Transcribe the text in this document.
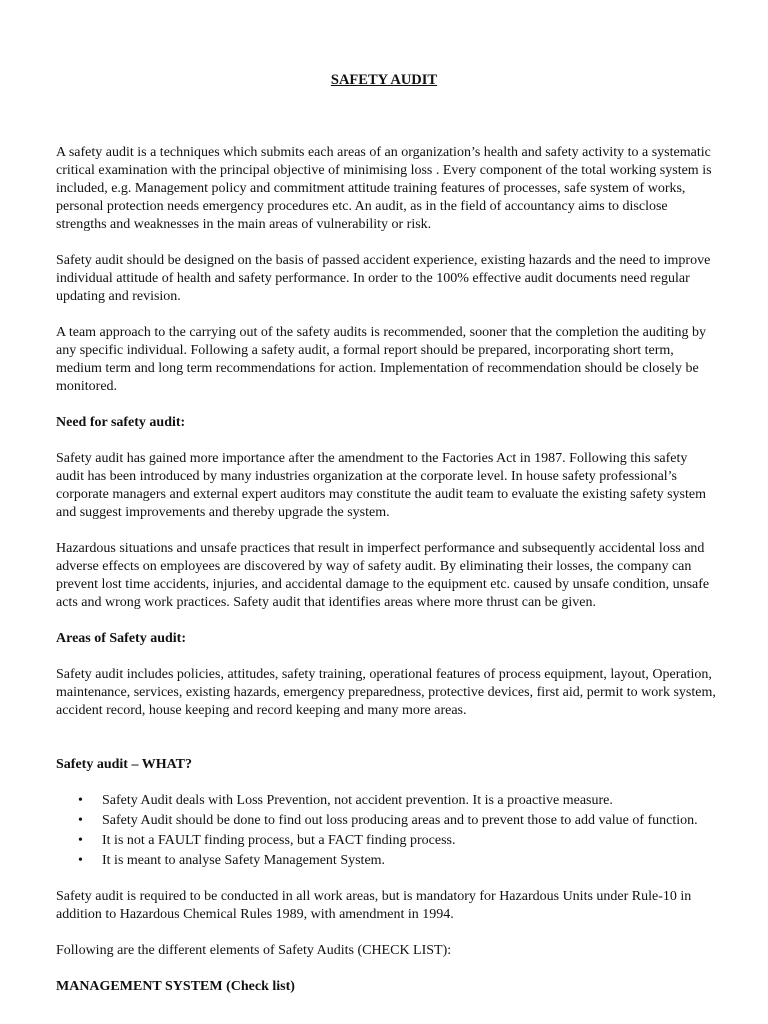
SAFETY AUDIT

A safety audit is a techniques which submits each areas of an organization’s health and safety activity to a systematic critical examination with the principal objective of minimising loss . Every component of the total working system is included, e.g. Management policy and commitment attitude training features of processes, safe system of works, personal protection needs emergency procedures etc. An audit, as in the field of accountancy aims to disclose strengths and weaknesses in the main areas of vulnerability or risk.

Safety audit should be designed on the basis of passed accident experience, existing hazards and the need to improve individual attitude of health and safety performance. In order to the 100% effective audit documents need regular updating and revision.

A team approach to the carrying out of the safety audits is recommended, sooner that the completion the auditing by any specific individual. Following a safety audit, a formal report should be prepared, incorporating short term, medium term and long term recommendations for action. Implementation of recommendation should be closely be monitored.

Need for safety audit:

Safety audit has gained more importance after the amendment to the Factories Act in 1987. Following this safety audit has been introduced by many industries organization at the corporate level. In house safety professional’s corporate managers and external expert auditors may constitute the audit team to evaluate the existing safety system and suggest improvements and thereby upgrade the system.

Hazardous situations and unsafe practices that result in imperfect performance and subsequently accidental loss and adverse effects on employees are discovered by way of safety audit. By eliminating their losses, the company can prevent lost time accidents, injuries, and accidental damage to the equipment etc. caused by unsafe condition, unsafe acts and wrong work practices. Safety audit that identifies areas where more thrust can be given.

Areas of Safety audit:

Safety audit includes policies, attitudes, safety training, operational features of process equipment, layout, Operation, maintenance, services, existing hazards, emergency preparedness, protective devices, first aid, permit to work system, accident record, house keeping and record keeping and many more areas.

Safety audit – WHAT?
• Safety Audit deals with Loss Prevention, not accident prevention. It is a proactive measure.
• Safety Audit should be done to find out loss producing areas and to prevent those to add value of function.
• It is not a FAULT finding process, but a FACT finding process.
• It is meant to analyse Safety Management System.

Safety audit is required to be conducted in all work areas, but is mandatory for Hazardous Units under Rule-10 in addition to Hazardous Chemical Rules 1989, with amendment in 1994.

Following are the different elements of Safety Audits (CHECK LIST):

MANAGEMENT SYSTEM (Check list)
